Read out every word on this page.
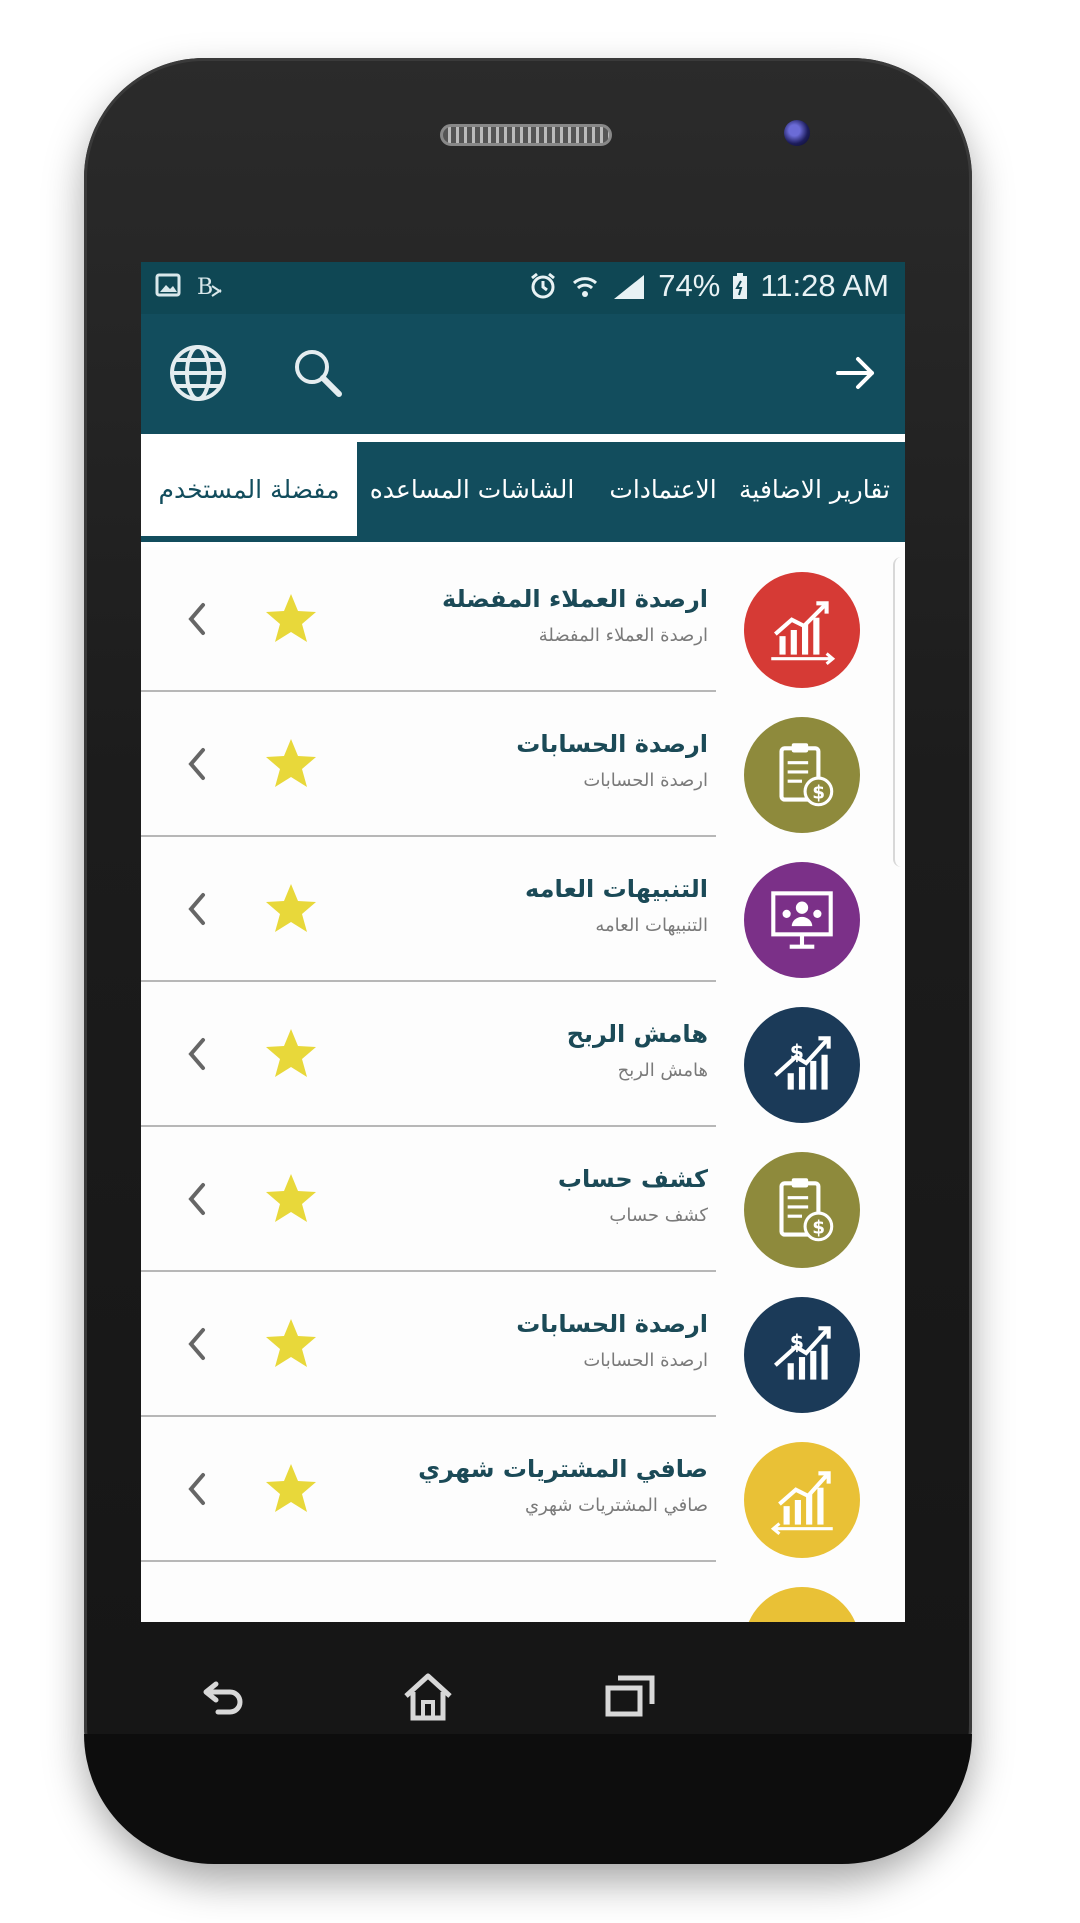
B	74% 11:28 AM
مفضلة المستخدم الشاشات المساعده الاعتمادات تقارير الاضافية
ارصدة العملاء المفضلة
ارصدة العملاء المفضلة
$
ارصدة الحسابات
ارصدة الحسابات
التنبيهات العامه
التنبيهات العامه
$
هامش الربح
هامش الربح
$
كشف حساب
كشف حساب
$
ارصدة الحسابات
ارصدة الحسابات
صافي المشتريات شهري
صافي المشتريات شهري
